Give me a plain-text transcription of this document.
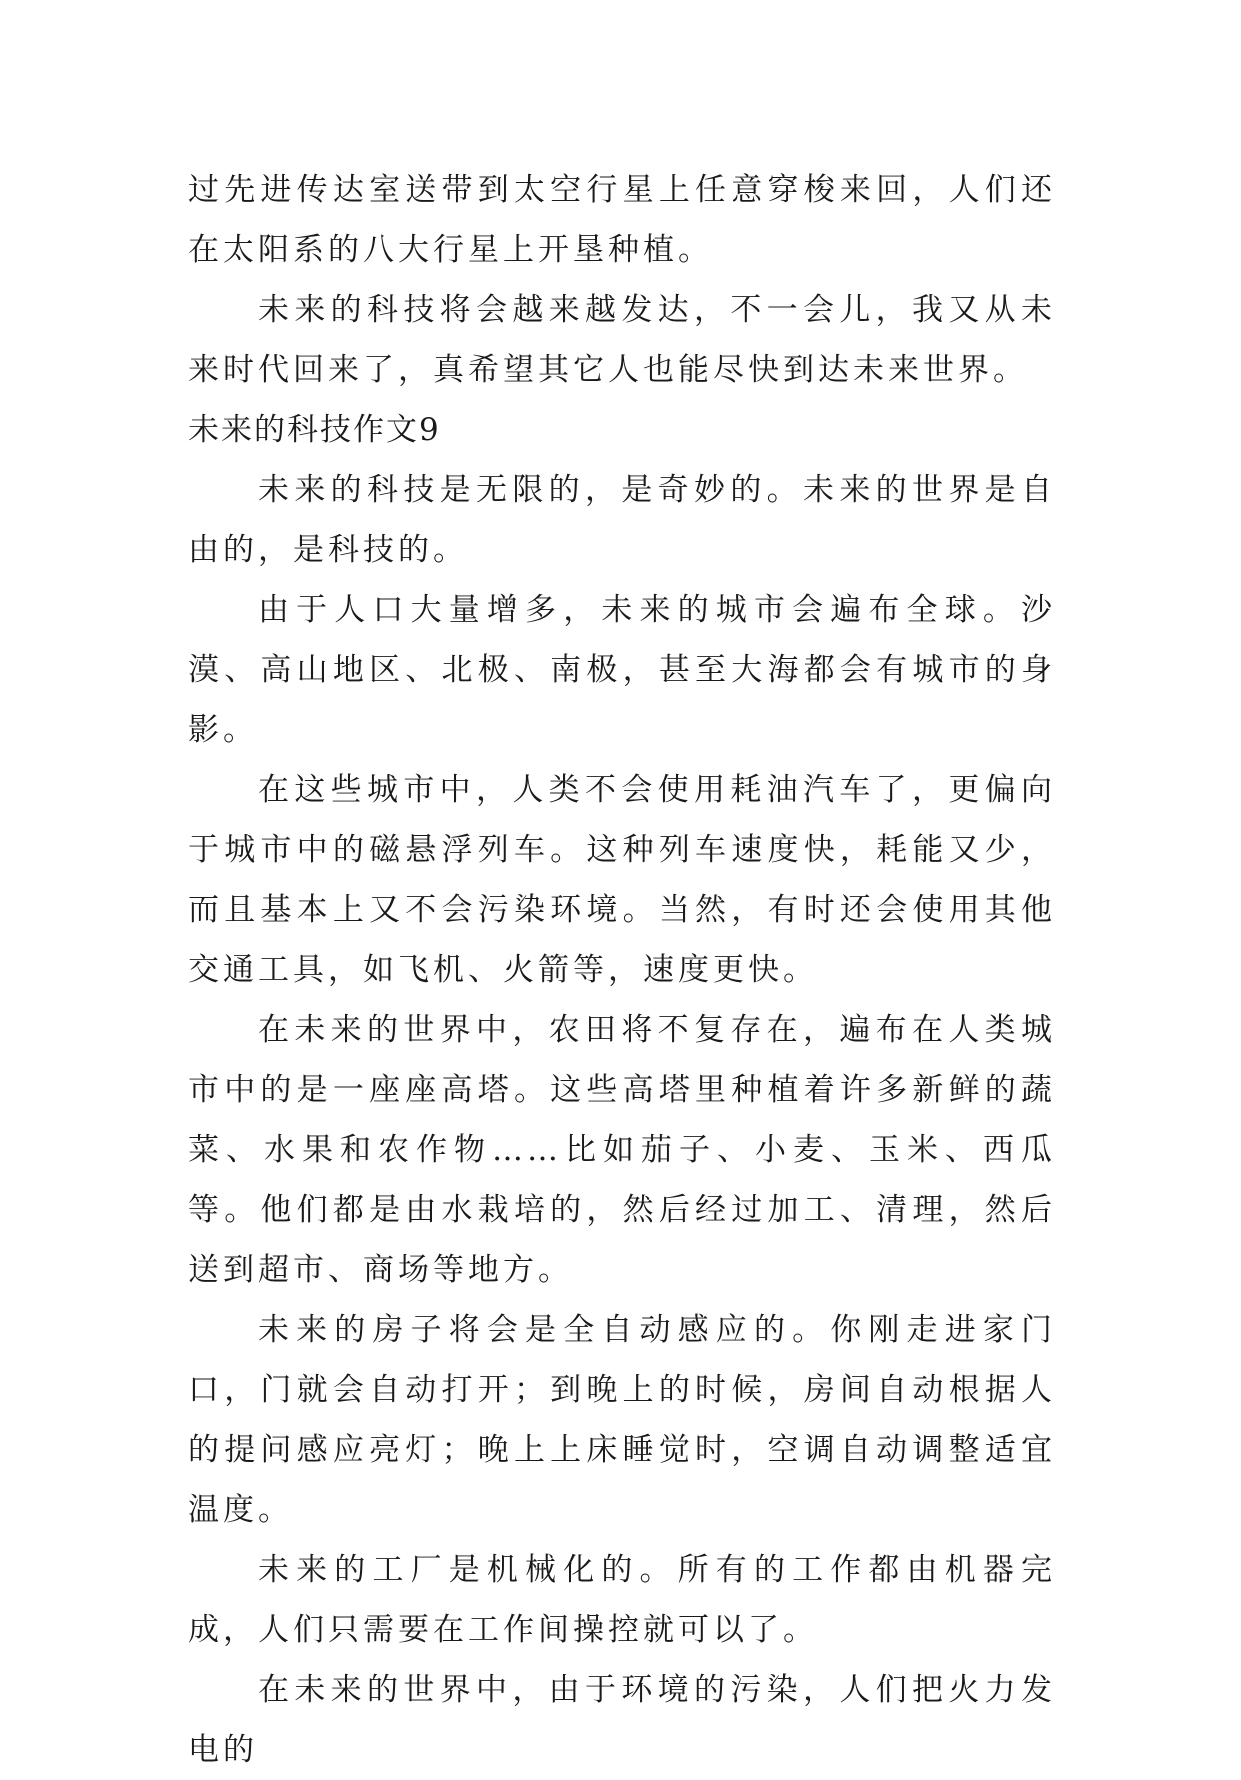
过先进传达室送带到太空行星上任意穿梭来回，人们还在太阳系的八大行星上开垦种植。

未来的科技将会越来越发达，不一会儿，我又从未来时代回来了，真希望其它人也能尽快到达未来世界。

未来的科技作文9

未来的科技是无限的，是奇妙的。未来的世界是自由的，是科技的。

由于人口大量增多，未来的城市会遍布全球。沙漠、高山地区、北极、南极，甚至大海都会有城市的身影。

在这些城市中，人类不会使用耗油汽车了，更偏向于城市中的磁悬浮列车。这种列车速度快，耗能又少，而且基本上又不会污染环境。当然，有时还会使用其他交通工具，如飞机、火箭等，速度更快。

在未来的世界中，农田将不复存在，遍布在人类城市中的是一座座高塔。这些高塔里种植着许多新鲜的蔬菜、水果和农作物……比如茄子、小麦、玉米、西瓜等。他们都是由水栽培的，然后经过加工、清理，然后送到超市、商场等地方。

未来的房子将会是全自动感应的。你刚走进家门口，门就会自动打开；到晚上的时候，房间自动根据人的提问感应亮灯；晚上上床睡觉时，空调自动调整适宜温度。

未来的工厂是机械化的。所有的工作都由机器完成，人们只需要在工作间操控就可以了。

在未来的世界中，由于环境的污染，人们把火力发电的
